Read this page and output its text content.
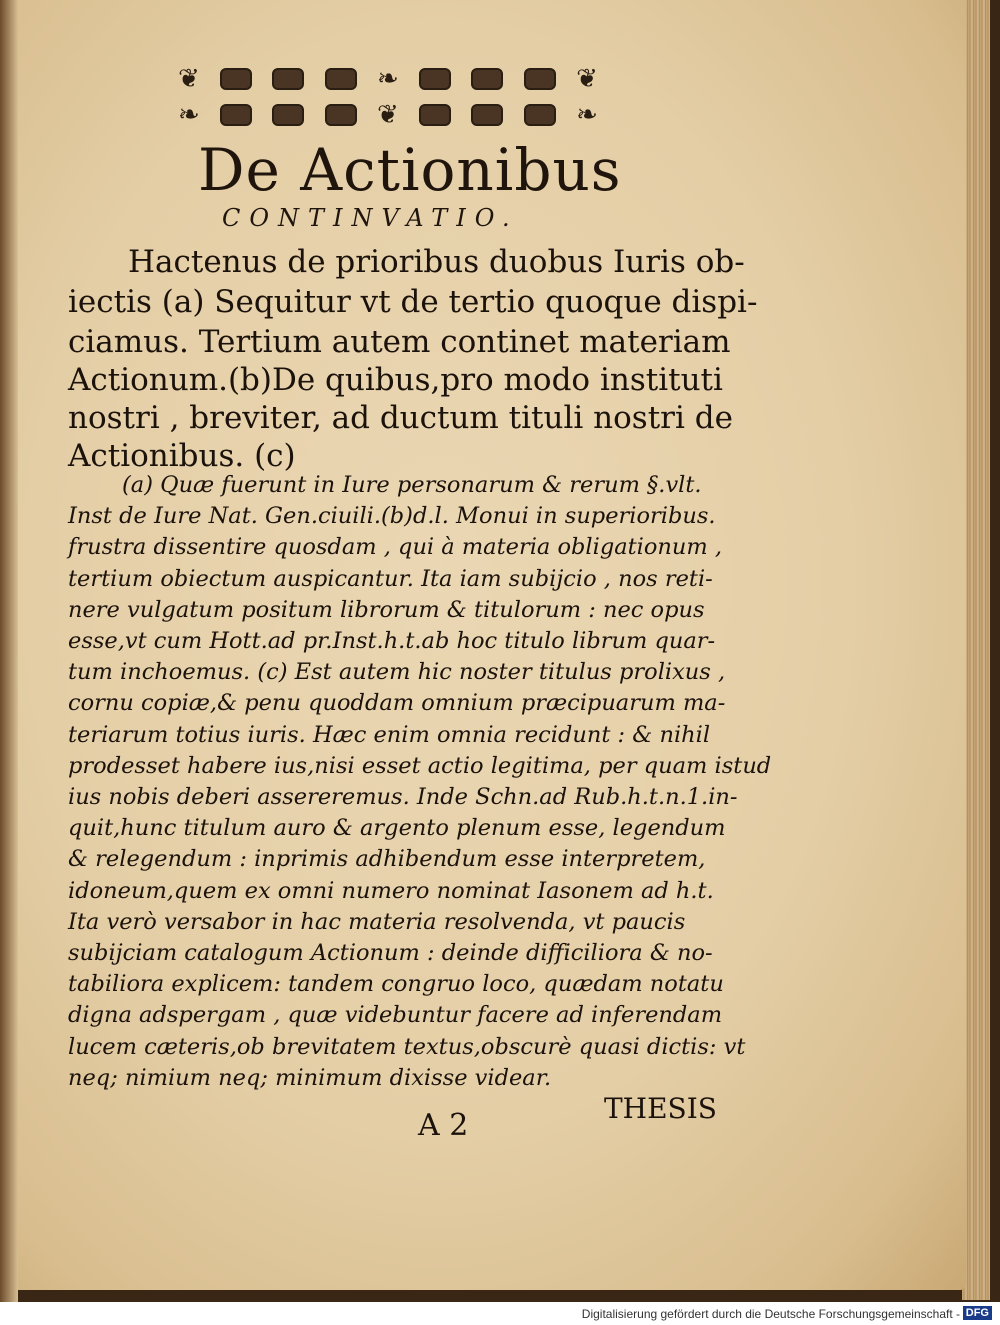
❦	❧	❦
❧	❦	❧
De Actionibus
CONTINVATIO.
Hactenus de prioribus duobus Iuris ob-
iectis (a) Sequitur vt de tertio quoque dispi-
ciamus. Tertium autem continet materiam
Actionum.(b)De quibus,pro modo instituti
nostri , breviter, ad ductum tituli nostri de
Actionibus. (c)
(a) Quæ fuerunt in Iure personarum & rerum §.vlt.
Inst de Iure Nat. Gen.ciuili.(b)d.l. Monui in superioribus.
frustra dissentire quosdam , qui à materia obligationum ,
tertium obiectum auspicantur. Ita iam subijcio , nos reti-
nere vulgatum positum librorum & titulorum : nec opus
esse,vt cum Hott.ad pr.Inst.h.t.ab hoc titulo librum quar-
tum inchoemus. (c) Est autem hic noster titulus prolixus ,
cornu copiæ,& penu quoddam omnium præcipuarum ma-
teriarum totius iuris. Hæc enim omnia recidunt : & nihil
prodesset habere ius,nisi esset actio legitima, per quam istud
ius nobis deberi assereremus. Inde Schn.ad Rub.h.t.n.1.in-
quit,hunc titulum auro & argento plenum esse, legendum
& relegendum : inprimis adhibendum esse interpretem,
idoneum,quem ex omni numero nominat Iasonem ad h.t.
Ita verò versabor in hac materia resolvenda, vt paucis
subijciam catalogum Actionum : deinde difficiliora & no-
tabiliora explicem: tandem congruo loco, quædam notatu
digna adspergam , quæ videbuntur facere ad inferendam
lucem cæteris,ob brevitatem textus,obscurè quasi dictis: vt
neq; nimium neq; minimum dixisse videar.
A 2	THESIS
Digitalisierung gefördert durch die Deutsche Forschungsgemeinschaft - DFG
